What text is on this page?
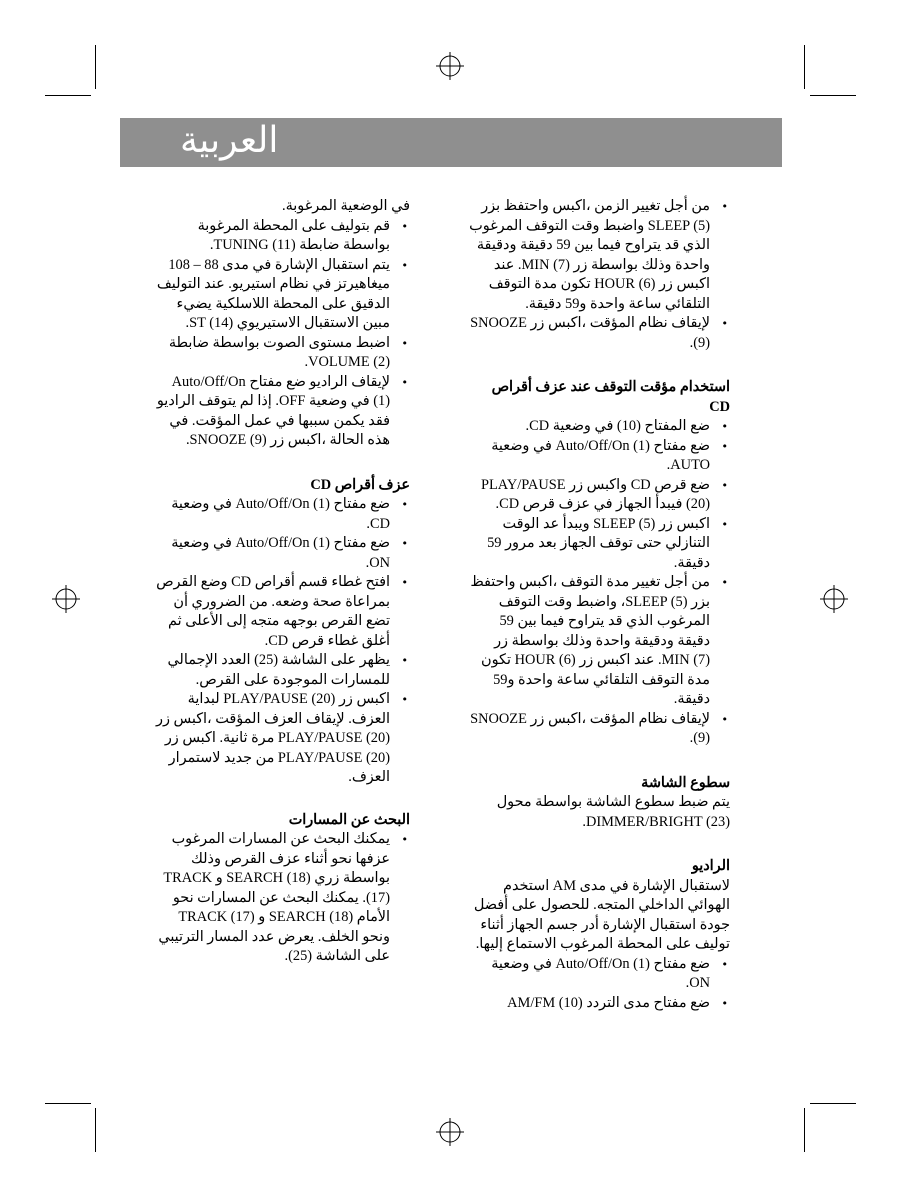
العربية
• من أجل تغيير الزمن ،اكبس واحتفظ بزر SLEEP (5) واضبط وقت التوقف المرغوب الذي قد يتراوح فيما بين 59 دقيقة ودقيقة واحدة وذلك بواسطة زر MIN (7). عند اكبس زر HOUR (6) تكون مدة التوقف التلقائي ساعة واحدة و59 دقيقة.
• لإيقاف نظام المؤقت ،اكبس زر SNOOZE (9).
استخدام مؤقت التوقف عند عزف أقراص CD
• ضع المفتاح (10) في وضعية CD.
• ضع مفتاح Auto/Off/On (1) في وضعية AUTO.
• ضع قرص CD واكبس زر PLAY/PAUSE (20) فيبدأ الجهاز في عزف قرص CD.
• اكبس زر SLEEP (5) ويبدأ عد الوقت التنازلي حتى توقف الجهاز بعد مرور 59 دقيقة.
• من أجل تغيير مدة التوقف ،اكبس واحتفظ بزر SLEEP (5)، واضبط وقت التوقف المرغوب الذي قد يتراوح فيما بين 59 دقيقة ودقيقة واحدة وذلك بواسطة زر MIN (7). عند اكبس زر HOUR (6) تكون مدة التوقف التلقائي ساعة واحدة و59 دقيقة.
• لإيقاف نظام المؤقت ،اكبس زر SNOOZE (9).
سطوع الشاشة

يتم ضبط سطوع الشاشة بواسطة محول DIMMER/BRIGHT (23).

الراديو

لاستقبال الإشارة في مدى AM استخدم الهوائي الداخلي المتجه. للحصول على أفضل جودة استقبال الإشارة أدر جسم الجهاز أثناء توليف على المحطة المرغوب الاستماع إليها.

• ضع مفتاح Auto/Off/On (1) في وضعية ON.
• ضع مفتاح مدى التردد AM/FM (10)

في الوضعية المرغوبة.

• قم بتوليف على المحطة المرغوبة بواسطة ضابطة TUNING (11).
• يتم استقبال الإشارة في مدى 88 – 108 ميغاهيرتز في نظام استيريو. عند التوليف الدقيق على المحطة اللاسلكية يضيء مبين الاستقبال الاستيريوي ST (14).
• اضبط مستوى الصوت بواسطة ضابطة VOLUME (2).
• لإيقاف الراديو ضع مفتاح Auto/Off/On (1) في وضعية OFF. إذا لم يتوقف الراديو فقد يكمن سببها في عمل المؤقت. في هذه الحالة ،اكبس زر SNOOZE (9).
عزف أقراص CD
• ضع مفتاح Auto/Off/On (1) في وضعية CD.
• ضع مفتاح Auto/Off/On (1) في وضعية ON.
• افتح غطاء قسم أقراص CD وضع القرص بمراعاة صحة وضعه. من الضروري أن تضع القرص بوجهه متجه إلى الأعلى ثم أغلق غطاء قرص CD.
• يظهر على الشاشة (25) العدد الإجمالي للمسارات الموجودة على القرص.
• اكبس زر PLAY/PAUSE (20) لبداية العزف. لإيقاف العزف المؤقت ،اكبس زر PLAY/PAUSE (20) مرة ثانية. اكبس زر PLAY/PAUSE (20) من جديد لاستمرار العزف.
البحث عن المسارات
• يمكنك البحث عن المسارات المرغوب عزفها نحو أثناء عزف القرص وذلك بواسطة زري SEARCH (18) و TRACK (17). يمكنك البحث عن المسارات نحو الأمام SEARCH (18) و TRACK (17) ونحو الخلف. يعرض عدد المسار الترتيبي على الشاشة (25).
